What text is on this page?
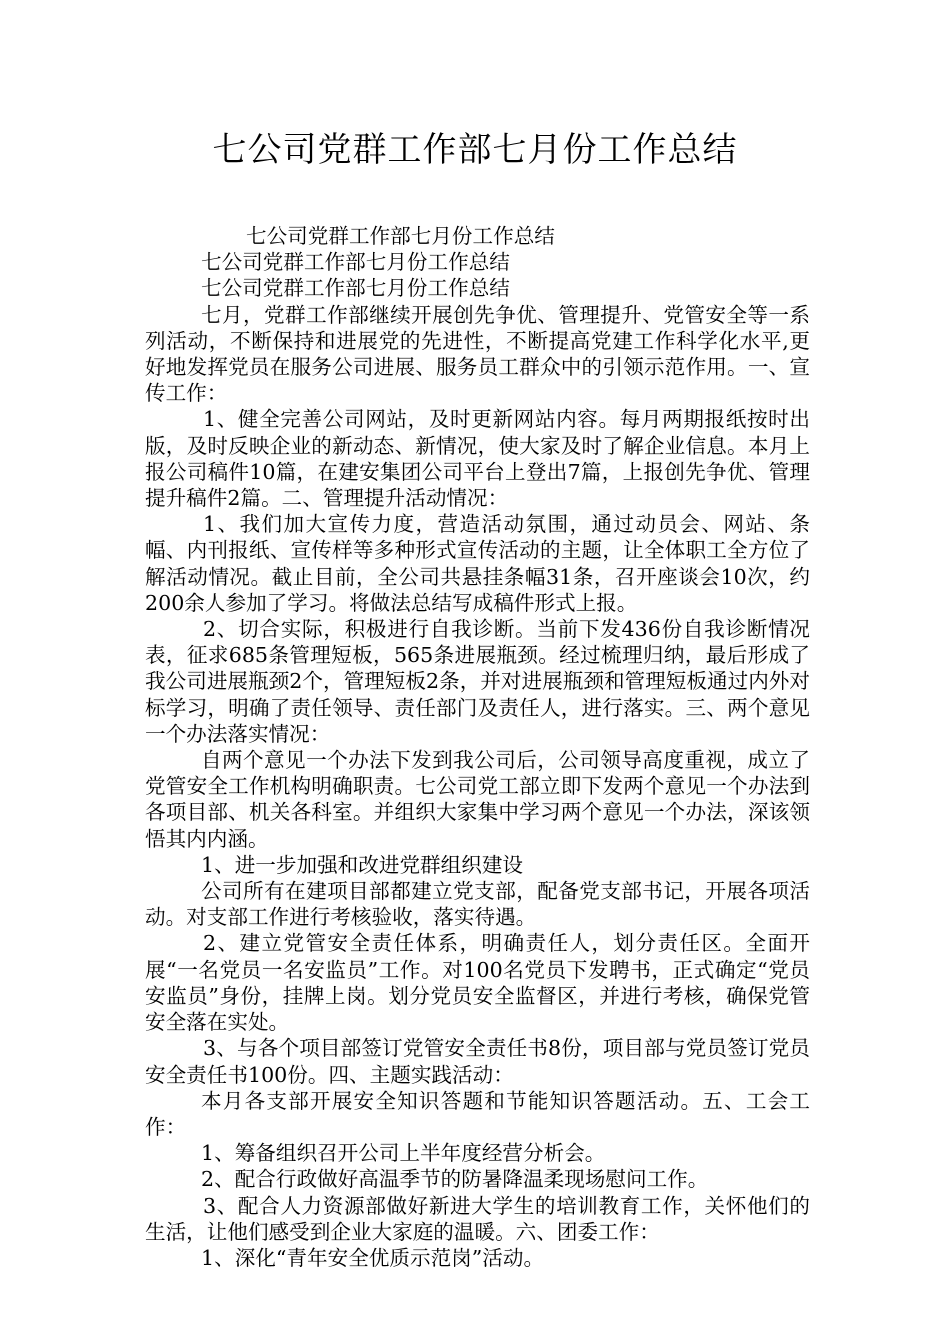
七公司党群工作部七月份工作总结

七公司党群工作部七月份工作总结

七公司党群工作部七月份工作总结

七公司党群工作部七月份工作总结

七月，党群工作部继续开展创先争优、管理提升、党管安全等一系列活动，不断保持和进展党的先进性，不断提高党建工作科学化水平,更好地发挥党员在服务公司进展、服务员工群众中的引领示范作用。一、宣传工作：

1、健全完善公司网站，及时更新网站内容。每月两期报纸按时出版，及时反映企业的新动态、新情况，使大家及时了解企业信息。本月上报公司稿件10篇，在建安集团公司平台上登出7篇，上报创先争优、管理提升稿件2篇。二、管理提升活动情况：

1、我们加大宣传力度，营造活动氛围，通过动员会、网站、条幅、内刊报纸、宣传样等多种形式宣传活动的主题，让全体职工全方位了解活动情况。截止目前，全公司共悬挂条幅31条，召开座谈会10次，约200余人参加了学习。将做法总结写成稿件形式上报。

2、切合实际，积极进行自我诊断。当前下发436份自我诊断情况表，征求685条管理短板，565条进展瓶颈。经过梳理归纳，最后形成了我公司进展瓶颈2个，管理短板2条，并对进展瓶颈和管理短板通过内外对标学习，明确了责任领导、责任部门及责任人，进行落实。三、两个意见一个办法落实情况：

自两个意见一个办法下发到我公司后，公司领导高度重视，成立了党管安全工作机构明确职责。七公司党工部立即下发两个意见一个办法到各项目部、机关各科室。并组织大家集中学习两个意见一个办法，深该领悟其内内涵。

1、进一步加强和改进党群组织建设

公司所有在建项目部都建立党支部，配备党支部书记，开展各项活动。对支部工作进行考核验收，落实待遇。

2、建立党管安全责任体系，明确责任人，划分责任区。全面开展“一名党员一名安监员”工作。对100名党员下发聘书，正式确定“党员安监员”身份，挂牌上岗。划分党员安全监督区，并进行考核，确保党管安全落在实处。

3、与各个项目部签订党管安全责任书8份，项目部与党员签订党员安全责任书100份。四、主题实践活动：

本月各支部开展安全知识答题和节能知识答题活动。五、工会工作：

1、筹备组织召开公司上半年度经营分析会。

2、配合行政做好高温季节的防暑降温柔现场慰问工作。

3、配合人力资源部做好新进大学生的培训教育工作，关怀他们的生活，让他们感受到企业大家庭的温暖。六、团委工作：

1、深化“青年安全优质示范岗”活动。
